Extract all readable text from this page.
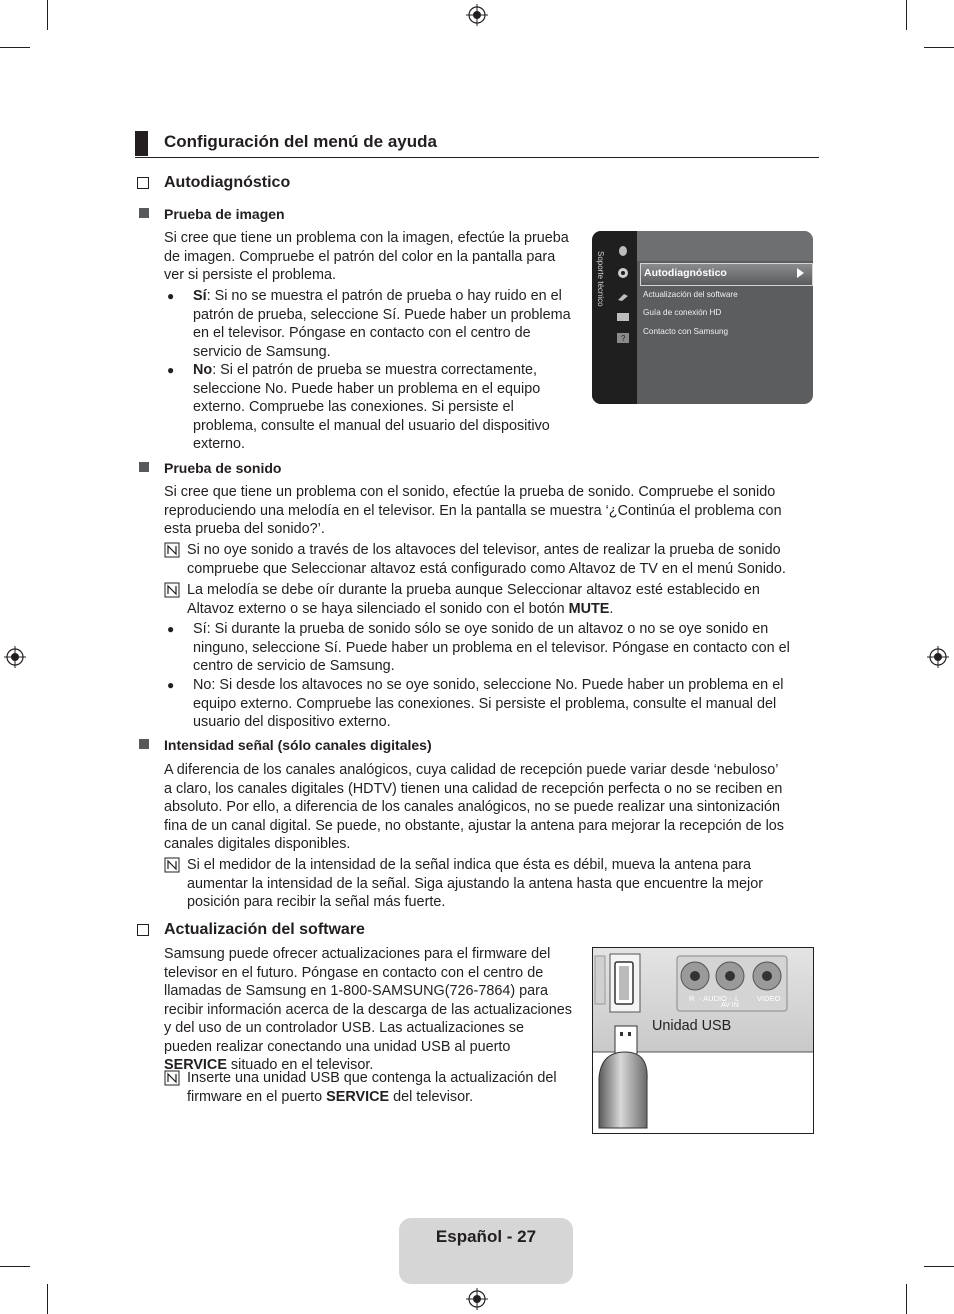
Configuración del menú de ayuda
Autodiagnóstico
Prueba de imagen
Si cree que tiene un problema con la imagen, efectúe la prueba
de imagen. Compruebe el patrón del color en la pantalla para
ver si persiste el problema.
● Sí: Si no se muestra el patrón de prueba o hay ruido en el
patrón de prueba, seleccione Sí. Puede haber un problema
en el televisor. Póngase en contacto con el centro de
servicio de Samsung.
● No: Si el patrón de prueba se muestra correctamente,
seleccione No. Puede haber un problema en el equipo
externo. Compruebe las conexiones. Si persiste el
problema, consulte el manual del usuario del dispositivo
externo.
Soporte técnico
?
Autodiagnóstico
Actualización del software
Guía de conexión HD
Contacto con Samsung
Prueba de sonido
Si cree que tiene un problema con el sonido, efectúe la prueba de sonido. Compruebe el sonido
reproduciendo una melodía en el televisor. En la pantalla se muestra ‘¿Continúa el problema con
esta prueba del sonido?’.
Si no oye sonido a través de los altavoces del televisor, antes de realizar la prueba de sonido
compruebe que Seleccionar altavoz está configurado como Altavoz de TV en el menú Sonido.
La melodía se debe oír durante la prueba aunque Seleccionar altavoz esté establecido en
Altavoz externo o se haya silenciado el sonido con el botón MUTE.
● Sí: Si durante la prueba de sonido sólo se oye sonido de un altavoz o no se oye sonido en
ninguno, seleccione Sí. Puede haber un problema en el televisor. Póngase en contacto con el
centro de servicio de Samsung.
● No: Si desde los altavoces no se oye sonido, seleccione No. Puede haber un problema en el
equipo externo. Compruebe las conexiones. Si persiste el problema, consulte el manual del
usuario del dispositivo externo.
Intensidad señal (sólo canales digitales)
A diferencia de los canales analógicos, cuya calidad de recepción puede variar desde ‘nebuloso’
a claro, los canales digitales (HDTV) tienen una calidad de recepción perfecta o no se reciben en
absoluto. Por ello, a diferencia de los canales analógicos, no se puede realizar una sintonización
fina de un canal digital. Se puede, no obstante, ajustar la antena para mejorar la recepción de los
canales digitales disponibles.
Si el medidor de la intensidad de la señal indica que ésta es débil, mueva la antena para
aumentar la intensidad de la señal. Siga ajustando la antena hasta que encuentre la mejor
posición para recibir la señal más fuerte.
Actualización del software
Samsung puede ofrecer actualizaciones para el firmware del
televisor en el futuro. Póngase en contacto con el centro de
llamadas de Samsung en 1-800-SAMSUNG(726-7864) para
recibir información acerca de la descarga de las actualizaciones
y del uso de un controlador USB. Las actualizaciones se
pueden realizar conectando una unidad USB al puerto
SERVICE situado en el televisor.
Inserte una unidad USB que contenga la actualización del
firmware en el puerto SERVICE del televisor.
Unidad USB
- AUDIO -
R	L
AV IN
VIDEO
Español - 27
